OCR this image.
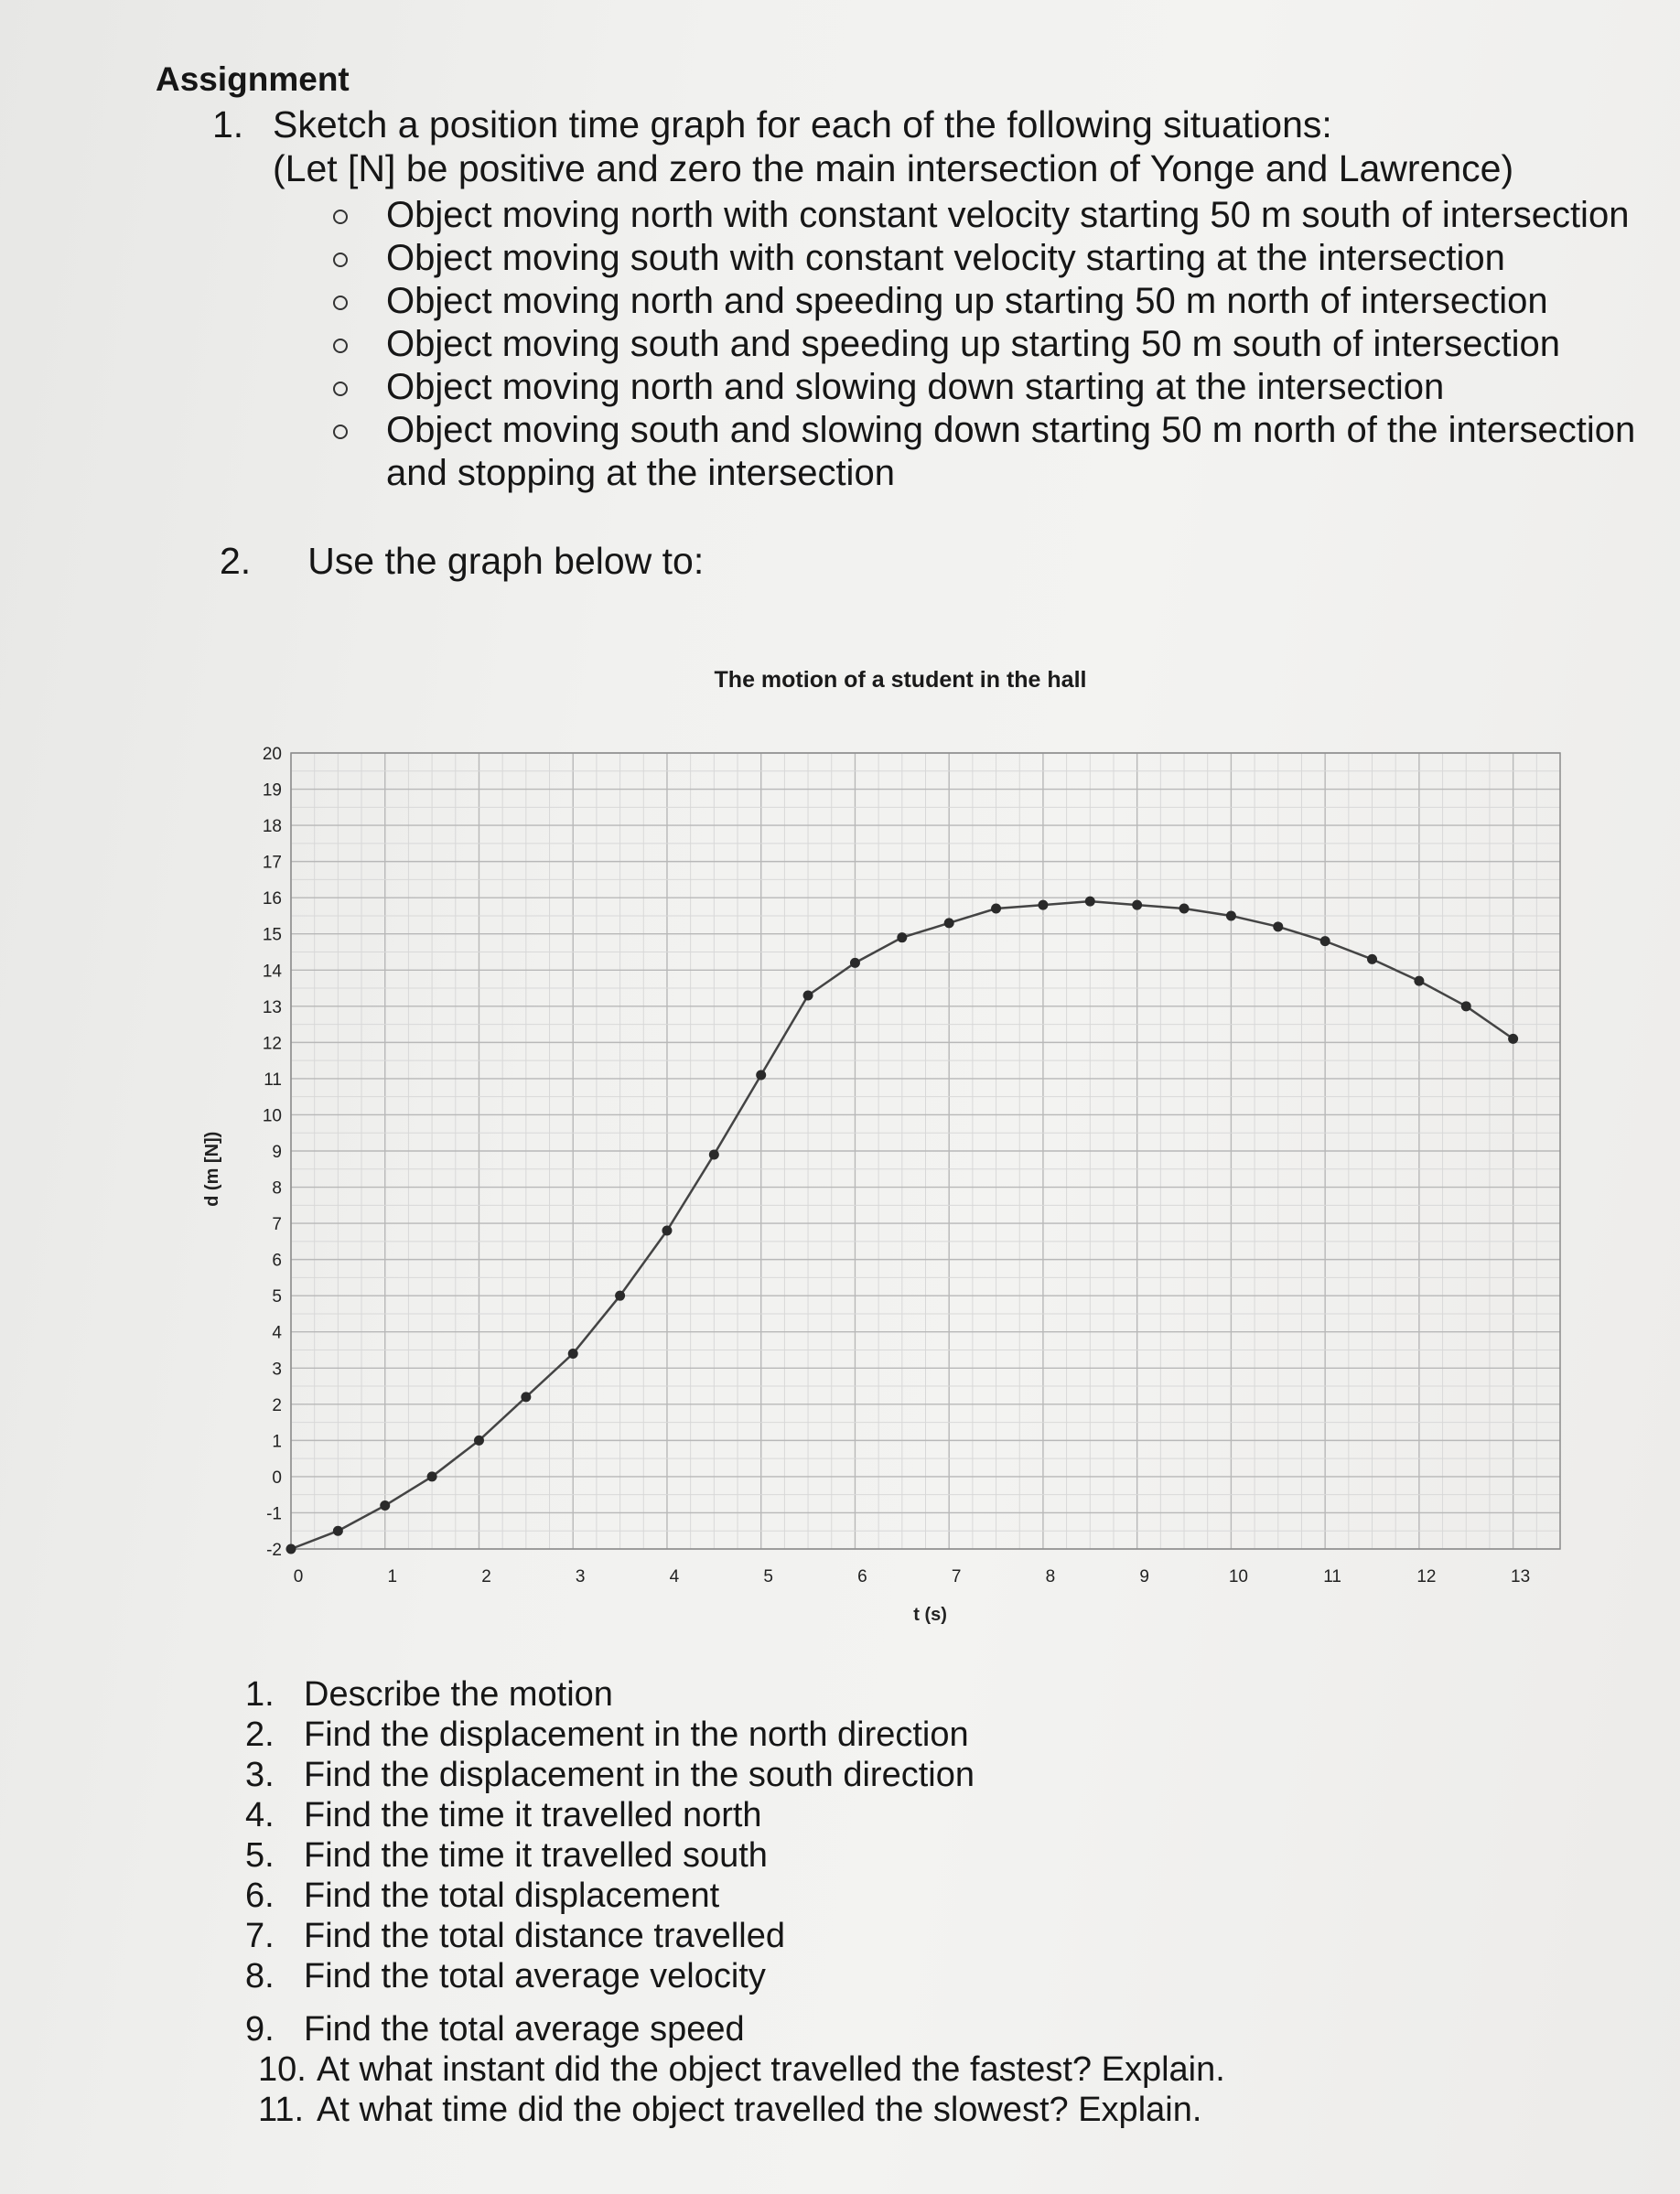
Assignment
1. Sketch a position time graph for each of the following situations:
(Let [N] be positive and zero the main intersection of Yonge and Lawrence)
Object moving north with constant velocity starting 50 m south of intersection
Object moving south with constant velocity starting at the intersection
Object moving north and speeding up starting 50 m north of intersection
Object moving south and speeding up starting 50 m south of intersection
Object moving north and slowing down starting at the intersection
Object moving south and slowing down starting 50 m north of the intersection and stopping at the intersection
2. Use the graph below to:
The motion of a student in the hall
-2
-1
0
1
2
3
4
5
6
7
8
9
10
11
12
13
14
15
16
17
18
19
20
0	1	2	3	4	5	6	7	8	9	10	11	12	13
t (s)
d (m [N])
1. Describe the motion
2. Find the displacement in the north direction
3. Find the displacement in the south direction
4. Find the time it travelled north
5. Find the time it travelled south
6. Find the total displacement
7. Find the total distance travelled
8. Find the total average velocity
9. Find the total average speed
10. At what instant did the object travelled the fastest? Explain.
11. At what time did the object travelled the slowest? Explain.
